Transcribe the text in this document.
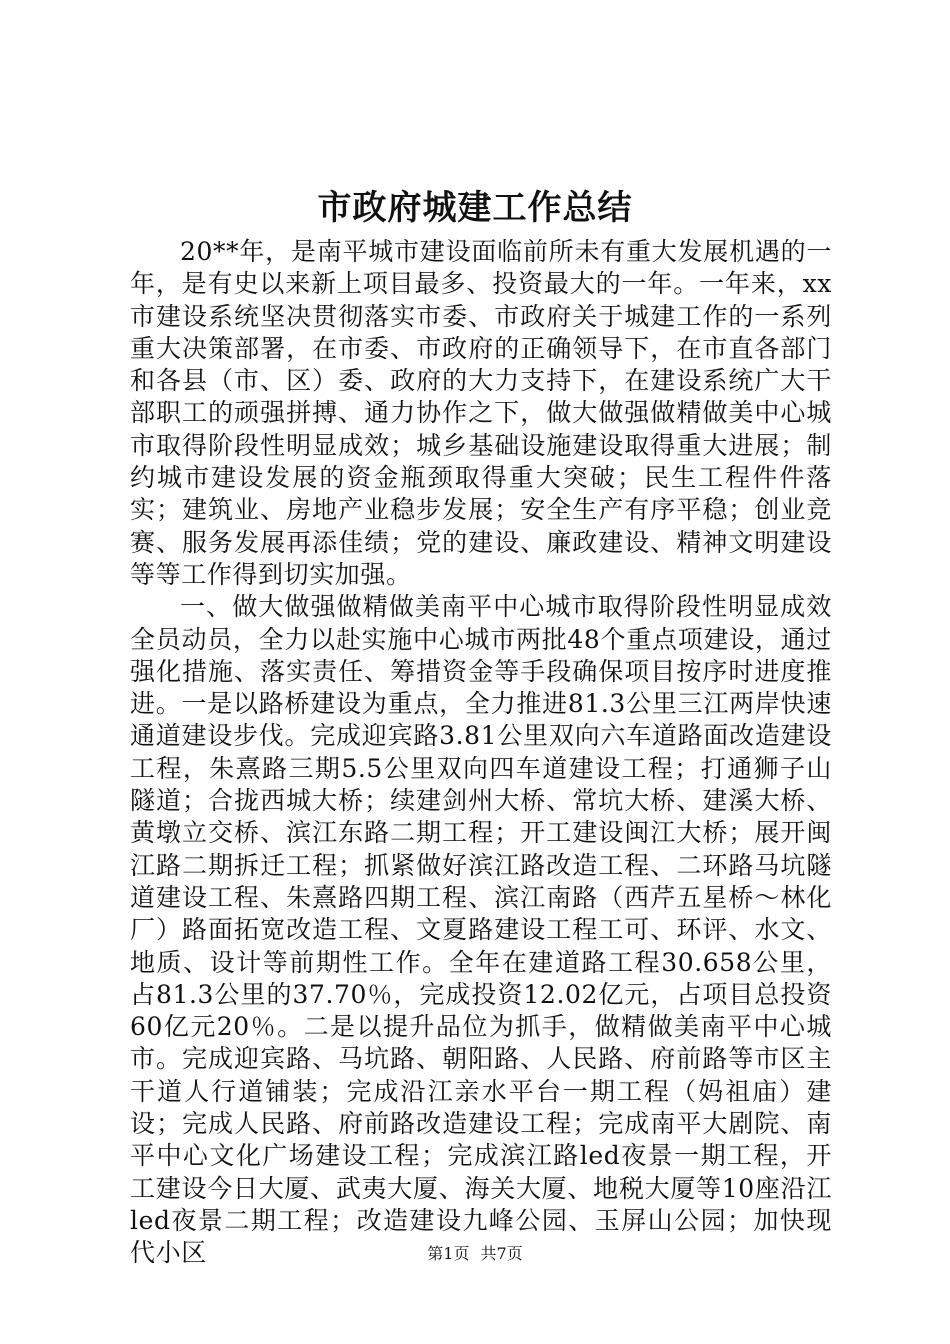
市政府城建工作总结

20**年，是南平城市建设面临前所未有重大发展机遇的一年，是有史以来新上项目最多、投资最大的一年。一年来，xx市建设系统坚决贯彻落实市委、市政府关于城建工作的一系列重大决策部署，在市委、市政府的正确领导下，在市直各部门和各县（市、区）委、政府的大力支持下，在建设系统广大干部职工的顽强拼搏、通力协作之下，做大做强做精做美中心城市取得阶段性明显成效；城乡基础设施建设取得重大进展；制约城市建设发展的资金瓶颈取得重大突破；民生工程件件落实；建筑业、房地产业稳步发展；安全生产有序平稳；创业竞赛、服务发展再添佳绩；党的建设、廉政建设、精神文明建设等等工作得到切实加强。

一、做大做强做精做美南平中心城市取得阶段性明显成效全员动员，全力以赴实施中心城市两批48个重点项建设，通过强化措施、落实责任、筹措资金等手段确保项目按序时进度推进。一是以路桥建设为重点，全力推进81.3公里三江两岸快速通道建设步伐。完成迎宾路3.81公里双向六车道路面改造建设工程，朱熹路三期5.5公里双向四车道建设工程；打通狮子山隧道；合拢西城大桥；续建剑州大桥、常坑大桥、建溪大桥、黄墩立交桥、滨江东路二期工程；开工建设闽江大桥；展开闽江路二期拆迁工程；抓紧做好滨江路改造工程、二环路马坑隧道建设工程、朱熹路四期工程、滨江南路（西芹五星桥～林化厂）路面拓宽改造工程、文夏路建设工程工可、环评、水文、地质、设计等前期性工作。全年在建道路工程30.658公里，占81.3公里的37.70％，完成投资12.02亿元，占项目总投资60亿元20％。二是以提升品位为抓手，做精做美南平中心城市。完成迎宾路、马坑路、朝阳路、人民路、府前路等市区主干道人行道铺装；完成沿江亲水平台一期工程（妈祖庙）建设；完成人民路、府前路改造建设工程；完成南平大剧院、南平中心文化广场建设工程；完成滨江路led夜景一期工程，开工建设今日大厦、武夷大厦、海关大厦、地税大厦等10座沿江led夜景二期工程；改造建设九峰公园、玉屏山公园；加快现代小区	第1页 共7页
